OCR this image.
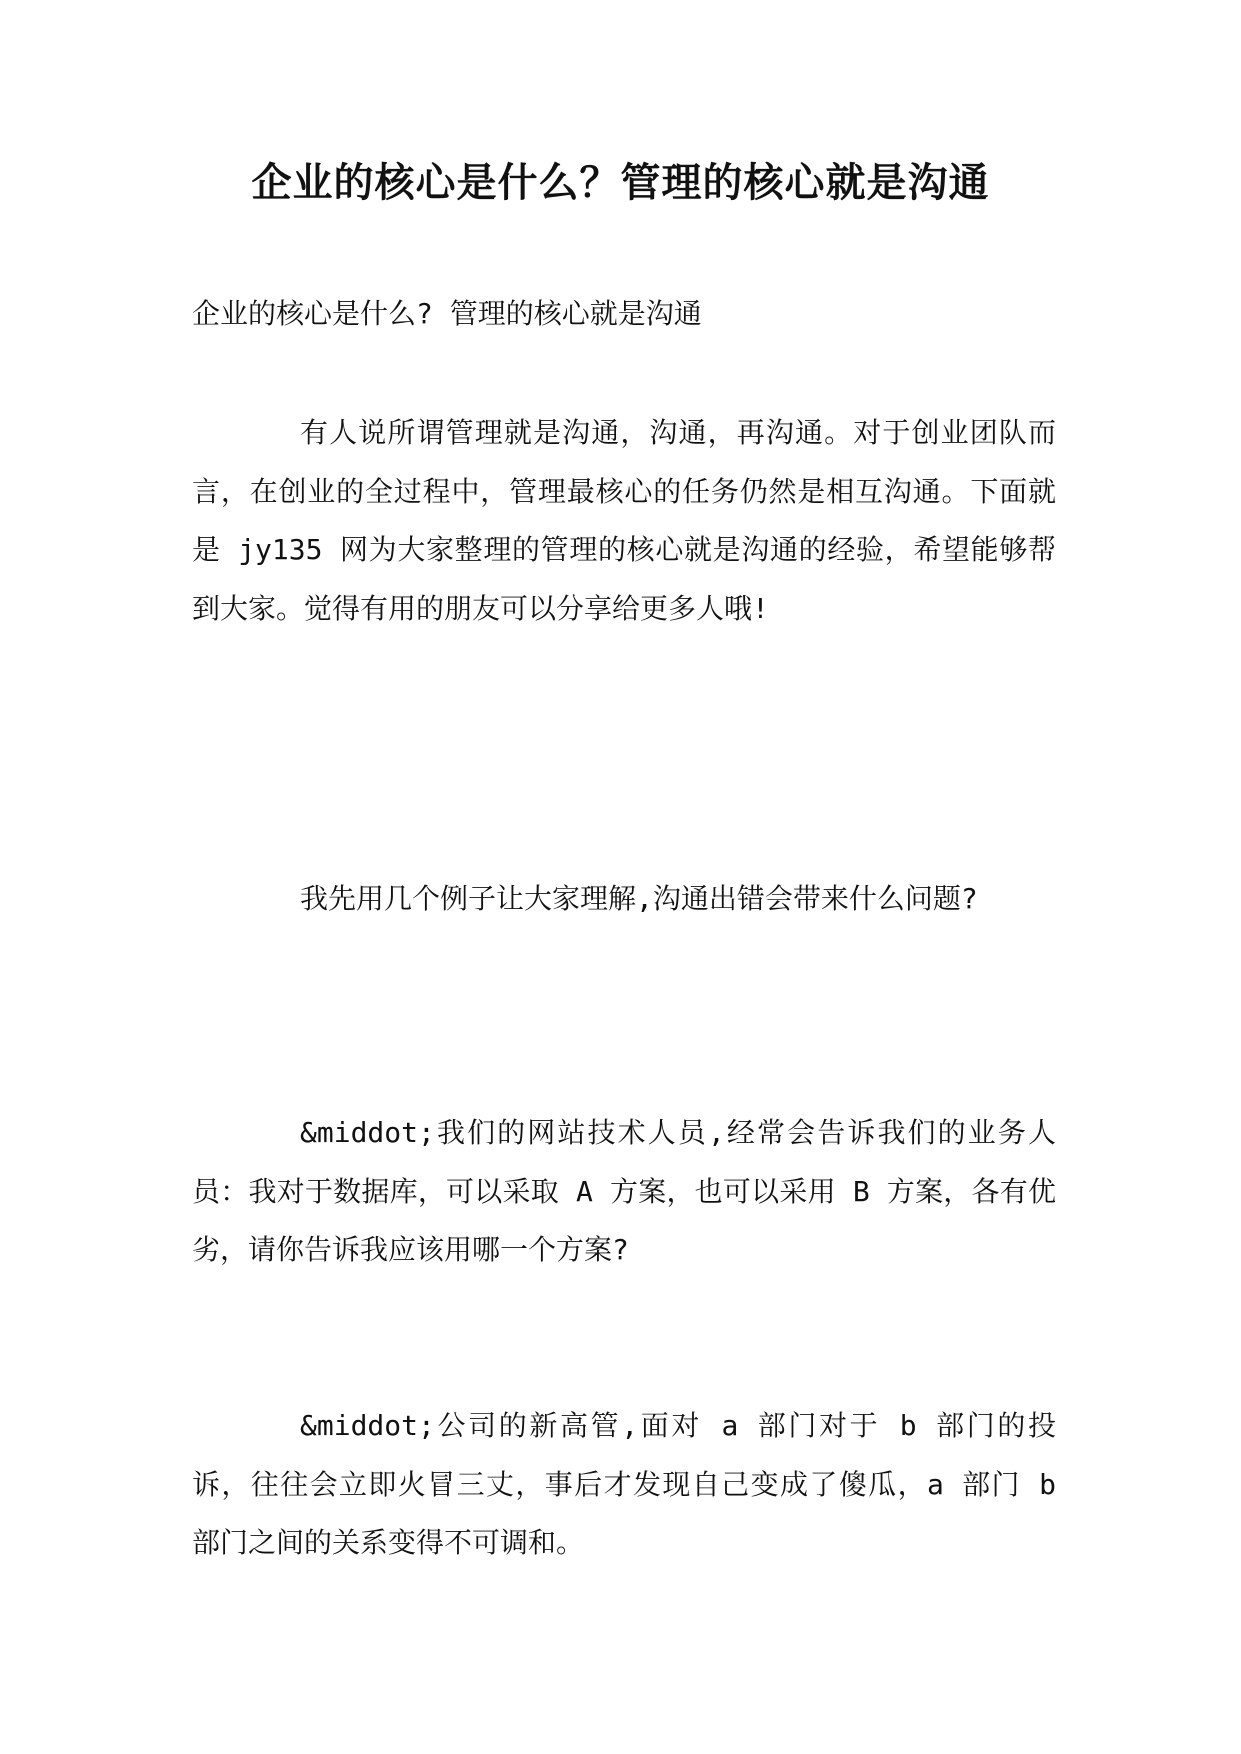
企业的核心是什么？管理的核心就是沟通

企业的核心是什么? 管理的核心就是沟通

有人说所谓管理就是沟通，沟通，再沟通。对于创业团队而言，在创业的全过程中，管理最核心的任务仍然是相互沟通。下面就是 jy135 网为大家整理的管理的核心就是沟通的经验，希望能够帮到大家。觉得有用的朋友可以分享给更多人哦!

我先用几个例子让大家理解,沟通出错会带来什么问题?

&middot;我们的网站技术人员,经常会告诉我们的业务人员：我对于数据库，可以采取 A 方案，也可以采用 B 方案，各有优劣，请你告诉我应该用哪一个方案?

&middot;公司的新高管,面对 a 部门对于 b 部门的投诉，往往会立即火冒三丈，事后才发现自己变成了傻瓜，a 部门 b 部门之间的关系变得不可调和。
